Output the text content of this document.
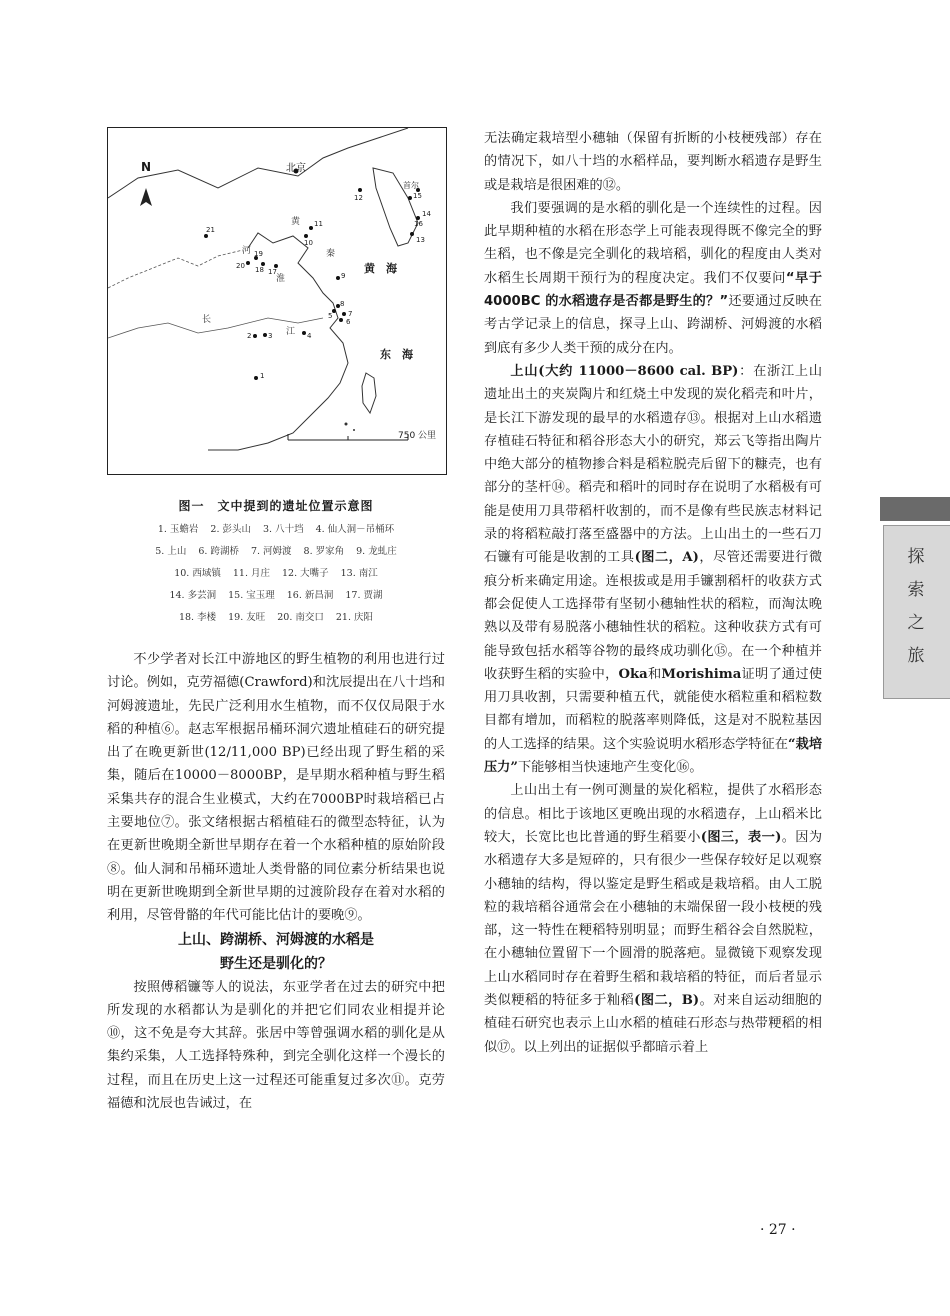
N	北京
首尔
黄　海
东　海
750 公里
黄
河
淮
秦
长
江
1
2 3	4
5
6
7
8
9
10
11
12
13
14
15
16
17
18
19
20
21
图一　文中提到的遗址位置示意图
1. 玉蟾岩 2. 彭头山 3. 八十垱 4. 仙人洞－吊桶环
5. 上山 6. 跨湖桥 7. 河姆渡 8. 罗家角 9. 龙虬庄
10. 西域镇 11. 月庄 12. 大嘴子 13. 南江
14. 多芸洞 15. 宝玉理 16. 新昌洞 17. 贾湖
18. 李楼 19. 友旺 20. 南交口 21. 庆阳

不少学者对长江中游地区的野生植物的利用也进行过讨论。例如，克劳福德(Crawford)和沈辰提出在八十垱和河姆渡遗址，先民广泛利用水生植物，而不仅仅局限于水稻的种植⑥。赵志军根据吊桶环洞穴遗址植硅石的研究提出了在晚更新世(12/11,000 BP)已经出现了野生稻的采集，随后在10000－8000BP，是早期水稻种植与野生稻采集共存的混合生业模式，大约在7000BP时栽培稻已占主要地位⑦。张文绪根据古稻植硅石的微型态特征，认为在更新世晚期全新世早期存在着一个水稻种植的原始阶段⑧。仙人洞和吊桶环遗址人类骨骼的同位素分析结果也说明在更新世晚期到全新世早期的过渡阶段存在着对水稻的利用，尽管骨骼的年代可能比估计的要晚⑨。

上山、跨湖桥、河姆渡的水稻是
野生还是驯化的？

按照傅稻镰等人的说法，东亚学者在过去的研究中把所发现的水稻都认为是驯化的并把它们同农业相提并论⑩，这不免是夸大其辞。张居中等曾强调水稻的驯化是从集约采集，人工选择特殊种，到完全驯化这样一个漫长的过程，而且在历史上这一过程还可能重复过多次⑪。克劳福德和沈辰也告诫过，在

无法确定栽培型小穗轴（保留有折断的小枝梗残部）存在的情况下，如八十垱的水稻样品，要判断水稻遗存是野生或是栽培是很困难的⑫。

我们要强调的是水稻的驯化是一个连续性的过程。因此早期种植的水稻在形态学上可能表现得既不像完全的野生稻，也不像是完全驯化的栽培稻，驯化的程度由人类对水稻生长周期干预行为的程度决定。我们不仅要问“早于 4000BC 的水稻遗存是否都是野生的？”还要通过反映在考古学记录上的信息，探寻上山、跨湖桥、河姆渡的水稻到底有多少人类干预的成分在内。

上山(大约 11000－8600 cal. BP)：在浙江上山遗址出土的夹炭陶片和红烧土中发现的炭化稻壳和叶片，是长江下游发现的最早的水稻遗存⑬。根据对上山水稻遗存植硅石特征和稻谷形态大小的研究，郑云飞等指出陶片中绝大部分的植物掺合料是稻粒脱壳后留下的糠壳，也有部分的茎杆⑭。稻壳和稻叶的同时存在说明了水稻极有可能是使用刀具带稻杆收割的，而不是像有些民族志材料记录的将稻粒敲打落至盛器中的方法。上山出土的一些石刀石镰有可能是收割的工具(图二，A)，尽管还需要进行微痕分析来确定用途。连根拔或是用手镰割稻杆的收获方式都会促使人工选择带有坚韧小穗轴性状的稻粒，而淘汰晚熟以及带有易脱落小穗轴性状的稻粒。这种收获方式有可能导致包括水稻等谷物的最终成功驯化⑮。在一个种植并收获野生稻的实验中，Oka和Morishima证明了通过使用刀具收割，只需要种植五代，就能使水稻粒重和稻粒数目都有增加，而稻粒的脱落率则降低，这是对不脱粒基因的人工选择的结果。这个实验说明水稻形态学特征在“栽培压力”下能够相当快速地产生变化⑯。

上山出土有一例可测量的炭化稻粒，提供了水稻形态的信息。相比于该地区更晚出现的水稻遗存，上山稻米比较大，长宽比也比普通的野生稻要小(图三，表一)。因为水稻遗存大多是短碎的，只有很少一些保存较好足以观察小穗轴的结构，得以鉴定是野生稻或是栽培稻。由人工脱粒的栽培稻谷通常会在小穗轴的末端保留一段小枝梗的残部，这一特性在粳稻特别明显；而野生稻谷会自然脱粒，在小穗轴位置留下一个圆滑的脱落疤。显微镜下观察发现上山水稻同时存在着野生稻和栽培稻的特征，而后者显示类似粳稻的特征多于籼稻(图二，B)。对来自运动细胞的植硅石研究也表示上山水稻的植硅石形态与热带粳稻的相似⑰。以上列出的证据似乎都暗示着上

探
索
之
旅
· 27 ·
